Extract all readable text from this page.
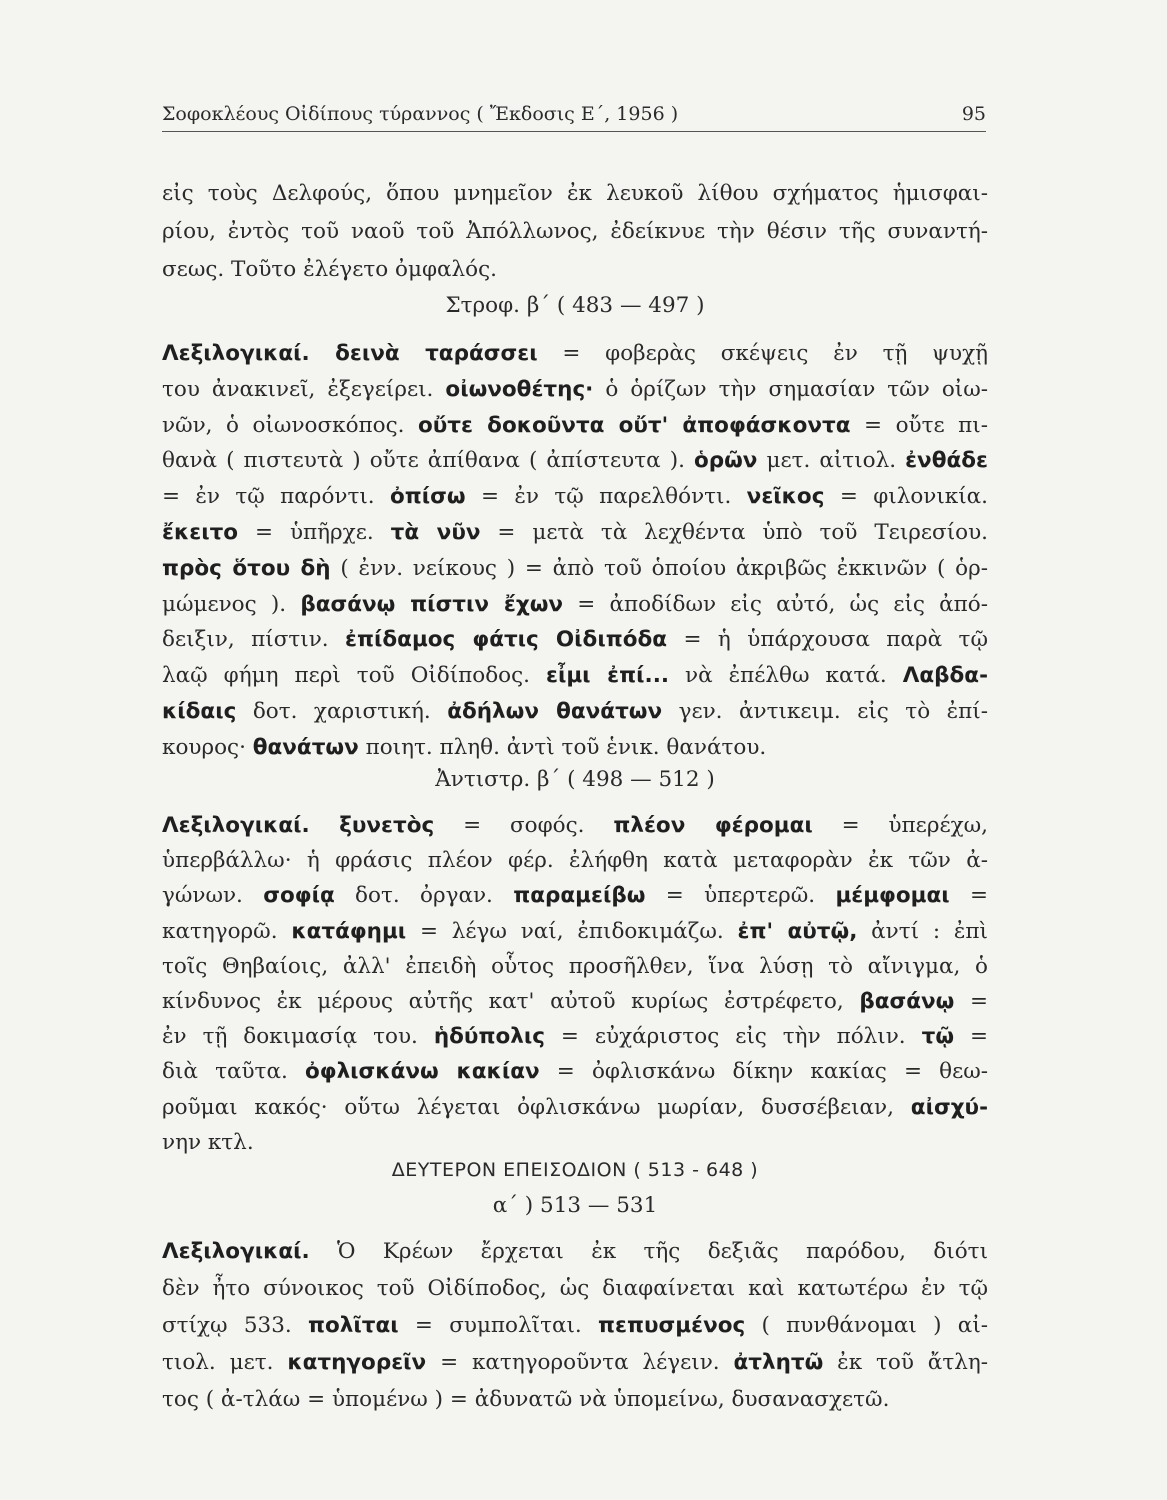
Σοφοκλέους Οἰδίπους τύραννος ( Ἔκδοσις Ε΄, 1956 )	95
εἰς τοὺς Δελφούς, ὅπου μνημεῖον ἐκ λευκοῦ λίθου σχήματος ἡμισφαι-
ρίου, ἐντὸς τοῦ ναοῦ τοῦ Ἀπόλλωνος, ἐδείκνυε τὴν θέσιν τῆς συναντή-
σεως. Τοῦτο ἐλέγετο ὀμφαλός.
Στροφ. β΄ ( 483 — 497 )
Λεξιλογικαί. δεινὰ ταράσσει = φοβερὰς σκέψεις ἐν τῇ ψυχῇ
του ἀνακινεῖ, ἐξεγείρει. οἰωνοθέτης· ὁ ὁρίζων τὴν σημασίαν τῶν οἰω-
νῶν, ὁ οἰωνοσκόπος. οὔτε δοκοῦντα οὔτ' ἀποφάσκοντα = οὔτε πι-
θανὰ ( πιστευτὰ ) οὔτε ἀπίθανα ( ἀπίστευτα ). ὁρῶν μετ. αἰτιολ. ἐνθάδε
= ἐν τῷ παρόντι. ὀπίσω = ἐν τῷ παρελθόντι. νεῖκος = φιλονικία.
ἔκειτο = ὑπῆρχε. τὰ νῦν = μετὰ τὰ λεχθέντα ὑπὸ τοῦ Τειρεσίου.
πρὸς ὅτου δὴ ( ἐνν. νείκους ) = ἀπὸ τοῦ ὁποίου ἀκριβῶς ἐκκινῶν ( ὁρ-
μώμενος ). βασάνῳ πίστιν ἔχων = ἀποδίδων εἰς αὐτό, ὡς εἰς ἀπό-
δειξιν, πίστιν. ἐπίδαμος φάτις Οἰδιπόδα = ἡ ὑπάρχουσα παρὰ τῷ
λαῷ φήμη περὶ τοῦ Οἰδίποδος. εἶμι ἐπί... νὰ ἐπέλθω κατά. Λαβδα-
κίδαις δοτ. χαριστική. ἀδήλων θανάτων γεν. ἀντικειμ. εἰς τὸ ἐπί-
κουρος· θανάτων ποιητ. πληθ. ἀντὶ τοῦ ἑνικ. θανάτου.
Ἀντιστρ. β΄ ( 498 — 512 )
Λεξιλογικαί. ξυνετὸς = σοφός. πλέον φέρομαι = ὑπερέχω,
ὑπερβάλλω· ἡ φράσις πλέον φέρ. ἐλήφθη κατὰ μεταφορὰν ἐκ τῶν ἀ-
γώνων. σοφίᾳ δοτ. ὀργαν. παραμείβω = ὑπερτερῶ. μέμφομαι =
κατηγορῶ. κατάφημι = λέγω ναί, ἐπιδοκιμάζω. ἐπ' αὐτῷ, ἀντί : ἐπὶ
τοῖς Θηβαίοις, ἀλλ' ἐπειδὴ οὗτος προσῆλθεν, ἵνα λύσῃ τὸ αἴνιγμα, ὁ
κίνδυνος ἐκ μέρους αὐτῆς κατ' αὐτοῦ κυρίως ἐστρέφετο, βασάνῳ =
ἐν τῇ δοκιμασίᾳ του. ἡδύπολις = εὐχάριστος εἰς τὴν πόλιν. τῷ =
διὰ ταῦτα. ὀφλισκάνω κακίαν = ὀφλισκάνω δίκην κακίας = θεω-
ροῦμαι κακός· οὕτω λέγεται ὀφλισκάνω μωρίαν, δυσσέβειαν, αἰσχύ-
νην κτλ.
ΔΕΥΤΕΡΟΝ ΕΠΕΙΣΟΔΙΟΝ ( 513 - 648 )
α΄ ) 513 — 531
Λεξιλογικαί. Ὁ Κρέων ἔρχεται ἐκ τῆς δεξιᾶς παρόδου, διότι
δὲν ἦτο σύνοικος τοῦ Οἰδίποδος, ὡς διαφαίνεται καὶ κατωτέρω ἐν τῷ
στίχῳ 533. πολῖται = συμπολῖται. πεπυσμένος ( πυνθάνομαι ) αἰ-
τιολ. μετ. κατηγορεῖν = κατηγοροῦντα λέγειν. ἀτλητῶ ἐκ τοῦ ἄτλη-
τος ( ἀ-τλάω = ὑπομένω ) = ἀδυνατῶ νὰ ὑπομείνω, δυσανασχετῶ.
